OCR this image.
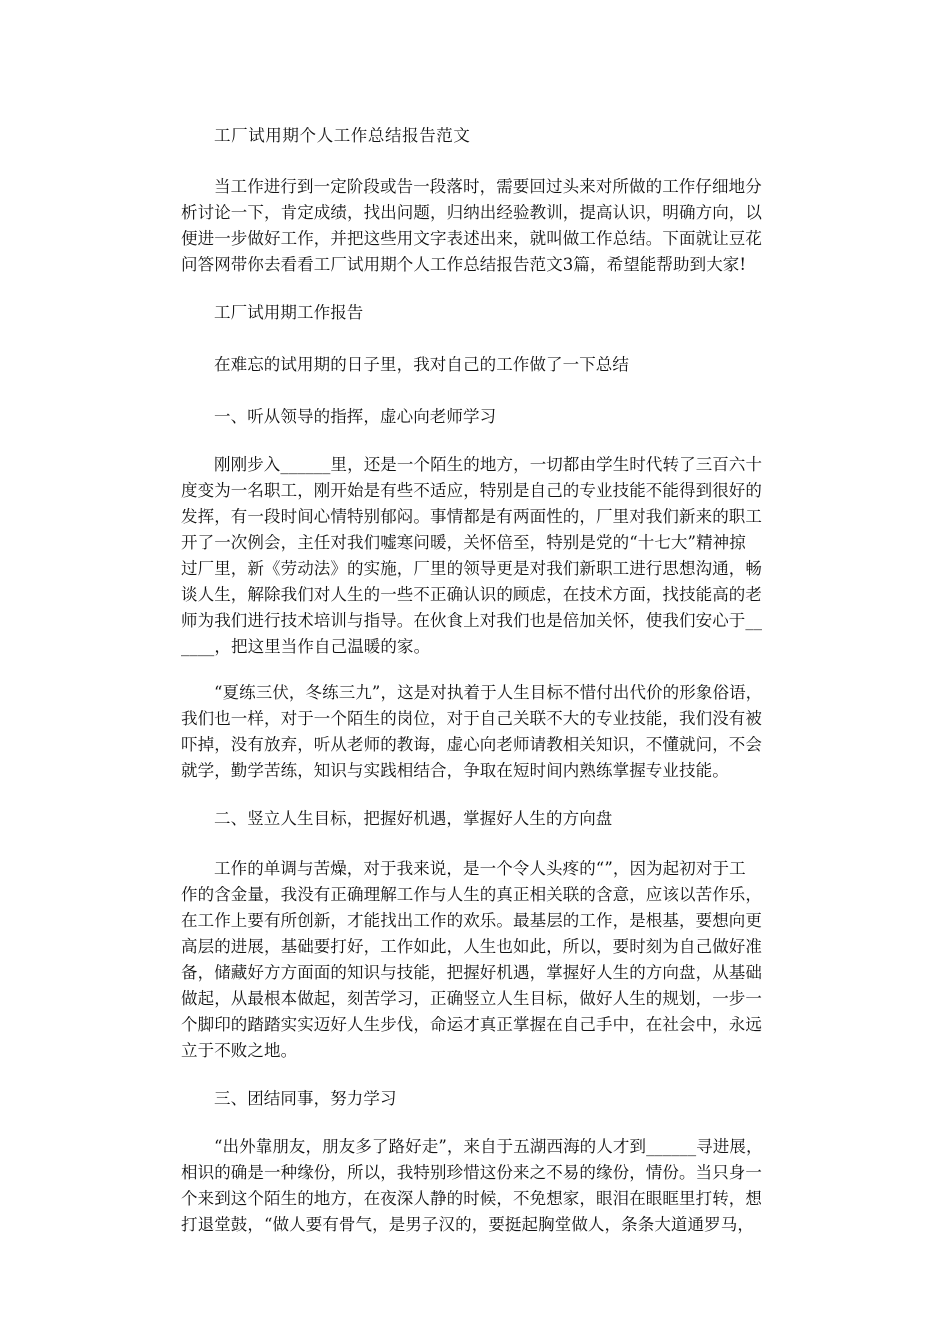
工厂试用期个人工作总结报告范文
当工作进行到一定阶段或告一段落时，需要回过头来对所做的工作仔细地分
析讨论一下，肯定成绩，找出问题，归纳出经验教训，提高认识，明确方向，以
便进一步做好工作，并把这些用文字表述出来，就叫做工作总结。下面就让豆花
问答网带你去看看工厂试用期个人工作总结报告范文3篇，希望能帮助到大家!
工厂试用期工作报告
在难忘的试用期的日子里，我对自己的工作做了一下总结
一、听从领导的指挥，虚心向老师学习
刚刚步入______里，还是一个陌生的地方，一切都由学生时代转了三百六十
度变为一名职工，刚开始是有些不适应，特别是自己的专业技能不能得到很好的
发挥，有一段时间心情特别郁闷。事情都是有两面性的，厂里对我们新来的职工
开了一次例会，主任对我们嘘寒问暖，关怀倍至，特别是党的“十七大”精神掠
过厂里，新《劳动法》的实施，厂里的领导更是对我们新职工进行思想沟通，畅
谈人生，解除我们对人生的一些不正确认识的顾虑，在技术方面，找技能高的老
师为我们进行技术培训与指导。在伙食上对我们也是倍加关怀，使我们安心于__
____，把这里当作自己温暖的家。
“夏练三伏，冬练三九”，这是对执着于人生目标不惜付出代价的形象俗语，
我们也一样，对于一个陌生的岗位，对于自己关联不大的专业技能，我们没有被
吓掉，没有放弃，听从老师的教诲，虚心向老师请教相关知识，不懂就问，不会
就学，勤学苦练，知识与实践相结合，争取在短时间内熟练掌握专业技能。
二、竖立人生目标，把握好机遇，掌握好人生的方向盘
工作的单调与苦燥，对于我来说，是一个令人头疼的“”，因为起初对于工
作的含金量，我没有正确理解工作与人生的真正相关联的含意，应该以苦作乐，
在工作上要有所创新，才能找出工作的欢乐。最基层的工作，是根基，要想向更
高层的进展，基础要打好，工作如此，人生也如此，所以，要时刻为自己做好准
备，储藏好方方面面的知识与技能，把握好机遇，掌握好人生的方向盘，从基础
做起，从最根本做起，刻苦学习，正确竖立人生目标，做好人生的规划，一步一
个脚印的踏踏实实迈好人生步伐，命运才真正掌握在自己手中，在社会中，永远
立于不败之地。
三、团结同事，努力学习
“出外靠朋友，朋友多了路好走”，来自于五湖西海的人才到______寻进展，
相识的确是一种缘份，所以，我特别珍惜这份来之不易的缘份，情份。当只身一
个来到这个陌生的地方，在夜深人静的时候，不免想家，眼泪在眼眶里打转，想
打退堂鼓，“做人要有骨气，是男子汉的，要挺起胸堂做人，条条大道通罗马，
